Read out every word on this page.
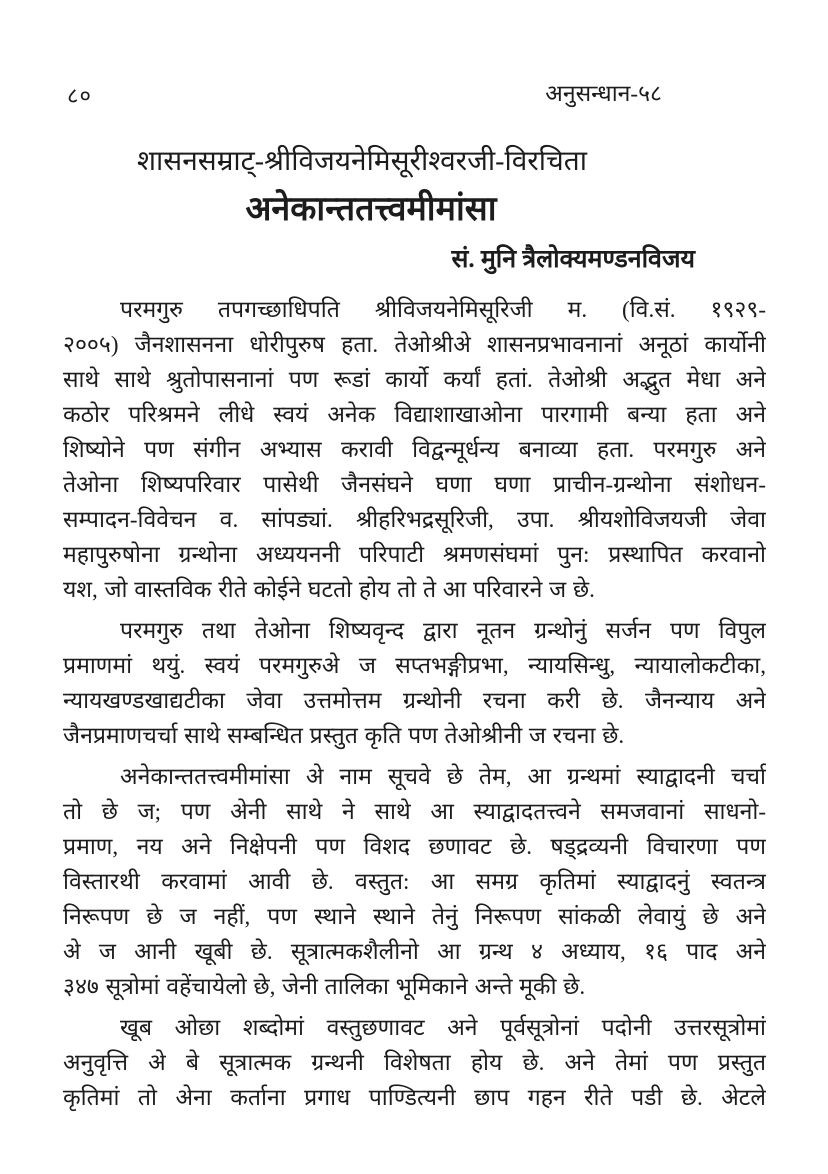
८०	अनुसन्धान-५८
शासनसम्राट्-श्रीविजयनेमिसूरीश्वरजी-विरचिता
अनेकान्ततत्त्वमीमांसा
सं. मुनि त्रैलोक्यमण्डनविजय
परमगुरु तपगच्छाधिपति श्रीविजयनेमिसूरिजी म. (वि.सं. १९२९-
२००५) जैनशासनना धोरीपुरुष हता. तेओश्रीअे शासनप्रभावनानां अनूठां कार्योनी
साथे साथे श्रुतोपासनानां पण रूडां कार्यो कर्यां हतां. तेओश्री अद्भुत मेधा अने
कठोर परिश्रमने लीधे स्वयं अनेक विद्याशाखाओना पारगामी बन्या हता अने
शिष्योने पण संगीन अभ्यास करावी विद्वन्मूर्धन्य बनाव्या हता. परमगुरु अने
तेओना शिष्यपरिवार पासेथी जैनसंघने घणा घणा प्राचीन-ग्रन्थोना संशोधन-
सम्पादन-विवेचन व. सांपड्यां. श्रीहरिभद्रसूरिजी, उपा. श्रीयशोविजयजी जेवा
महापुरुषोना ग्रन्थोना अध्ययननी परिपाटी श्रमणसंघमां पुन: प्रस्थापित करवानो
यश, जो वास्तविक रीते कोईने घटतो होय तो ते आ परिवारने ज छे.
परमगुरु तथा तेओना शिष्यवृन्द द्वारा नूतन ग्रन्थोनुं सर्जन पण विपुल
प्रमाणमां थयुं. स्वयं परमगुरुअे ज सप्तभङ्गीप्रभा, न्यायसिन्धु, न्यायालोकटीका,
न्यायखण्डखाद्यटीका जेवा उत्तमोत्तम ग्रन्थोनी रचना करी छे. जैनन्याय अने
जैनप्रमाणचर्चा साथे सम्बन्धित प्रस्तुत कृति पण तेओश्रीनी ज रचना छे.
अनेकान्ततत्त्वमीमांसा अे नाम सूचवे छे तेम, आ ग्रन्थमां स्याद्वादनी चर्चा
तो छे ज; पण अेनी साथे ने साथे आ स्याद्वादतत्त्वने समजवानां साधनो-
प्रमाण, नय अने निक्षेपनी पण विशद छणावट छे. षड्द्रव्यनी विचारणा पण
विस्तारथी करवामां आवी छे. वस्तुत: आ समग्र कृतिमां स्याद्वादनुं स्वतन्त्र
निरूपण छे ज नहीं, पण स्थाने स्थाने तेनुं निरूपण सांकळी लेवायुं छे अने
अे ज आनी खूबी छे. सूत्रात्मकशैलीनो आ ग्रन्थ ४ अध्याय, १६ पाद अने
३४७ सूत्रोमां वहेंचायेलो छे, जेनी तालिका भूमिकाने अन्ते मूकी छे.
खूब ओछा शब्दोमां वस्तुछणावट अने पूर्वसूत्रोनां पदोनी उत्तरसूत्रोमां
अनुवृत्ति अे बे सूत्रात्मक ग्रन्थनी विशेषता होय छे. अने तेमां पण प्रस्तुत
कृतिमां तो अेना कर्ताना प्रगाध पाण्डित्यनी छाप गहन रीते पडी छे. अेटले
